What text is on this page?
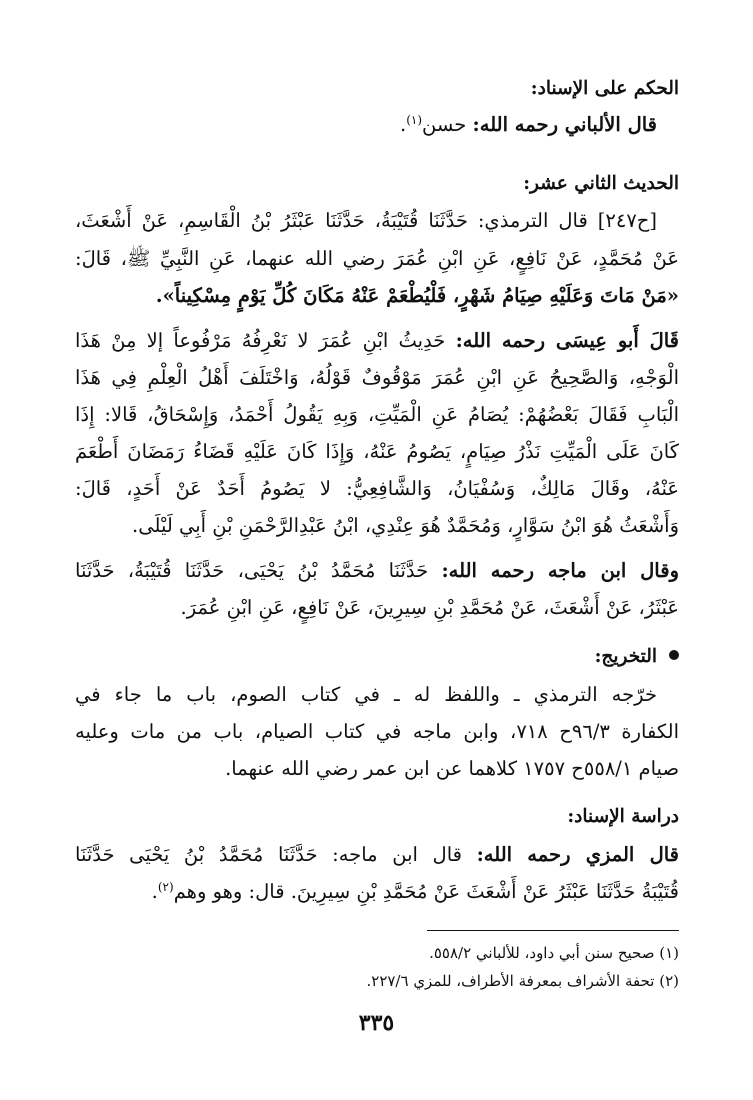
الحكم على الإسناد:
قال الألباني رحمه الله: حسن$^{(١)}$.
الحديث الثاني عشر:
[ح٢٤٧] قال الترمذي: حَدَّثَنَا قُتَيْبَةُ، حَدَّثَنَا عَبْثَرُ بْنُ الْقَاسِمِ، عَنْ أَشْعَثَ،
عَنْ مُحَمَّدٍ، عَنْ نَافِعٍ، عَنِ ابْنِ عُمَرَ رضي الله عنهما، عَنِ النَّبِيِّ ﷺ، قَالَ:
«مَنْ مَاتَ وَعَلَيْهِ صِيَامُ شَهْرٍ، فَلْيُطْعَمْ عَنْهُ مَكَانَ كُلِّ يَوْمٍ مِسْكِيناً».
قَالَ أَبو عِيسَى رحمه الله: حَدِيثُ ابْنِ عُمَرَ لا نَعْرِفُهُ مَرْفُوعاً إلا مِنْ هَذَا
الْوَجْهِ، وَالصَّحِيحُ عَنِ ابْنِ عُمَرَ مَوْقُوفٌ قَوْلُهُ، وَاخْتَلَفَ أَهْلُ الْعِلْمِ فِي هَذَا
الْبَابِ فَقَالَ بَعْضُهُمْ: يُصَامُ عَنِ الْمَيِّتِ، وَبِهِ يَقُولُ أَحْمَدُ، وَإِسْحَاقُ، قَالا: إِذَا
كَانَ عَلَى الْمَيِّتِ نَذْرُ صِيَامٍ، يَصُومُ عَنْهُ، وَإِذَا كَانَ عَلَيْهِ قَضَاءُ رَمَضَانَ أَطْعَمَ
عَنْهُ، وقَالَ مَالِكٌ، وَسُفْيَانُ، وَالشَّافِعِيُّ: لا يَصُومُ أَحَدٌ عَنْ أَحَدٍ، قَالَ:
وَأَشْعَثُ هُوَ ابْنُ سَوَّارٍ، وَمُحَمَّدٌ هُوَ عِنْدِي، ابْنُ عَبْدِالرَّحْمَنِ بْنِ أَبِي لَيْلَى.
وقال ابن ماجه رحمه الله: حَدَّثَنَا مُحَمَّدُ بْنُ يَحْيَى، حَدَّثَنَا قُتَيْبَةُ، حَدَّثَنَا
عَبْثَرُ، عَنْ أَشْعَثَ، عَنْ مُحَمَّدِ بْنِ سِيرِينَ، عَنْ نَافِعٍ، عَنِ ابْنِ عُمَرَ.
التخريج:
خرّجه الترمذي ـ واللفظ له ـ في كتاب الصوم، باب ما جاء في
الكفارة ٩٦/٣ح ٧١٨، وابن ماجه في كتاب الصيام، باب من مات وعليه
صيام ٥٥٨/١ح ١٧٥٧ كلاهما عن ابن عمر رضي الله عنهما.
دراسة الإسناد:
قال المزي رحمه الله: قال ابن ماجه: حَدَّثَنَا مُحَمَّدُ بْنُ يَحْيَى حَدَّثَنَا
قُتَيْبَةُ حَدَّثَنَا عَبْثَرُ عَنْ أَشْعَثَ عَنْ مُحَمَّدِ بْنِ سِيرِينَ. قال: وهو وهم$^{(٢)}$.
(١) صحيح سنن أبي داود، للألباني ٥٥٨/٢.
(٢) تحفة الأشراف بمعرفة الأطراف، للمزي ٢٢٧/٦.
٣٣٥
